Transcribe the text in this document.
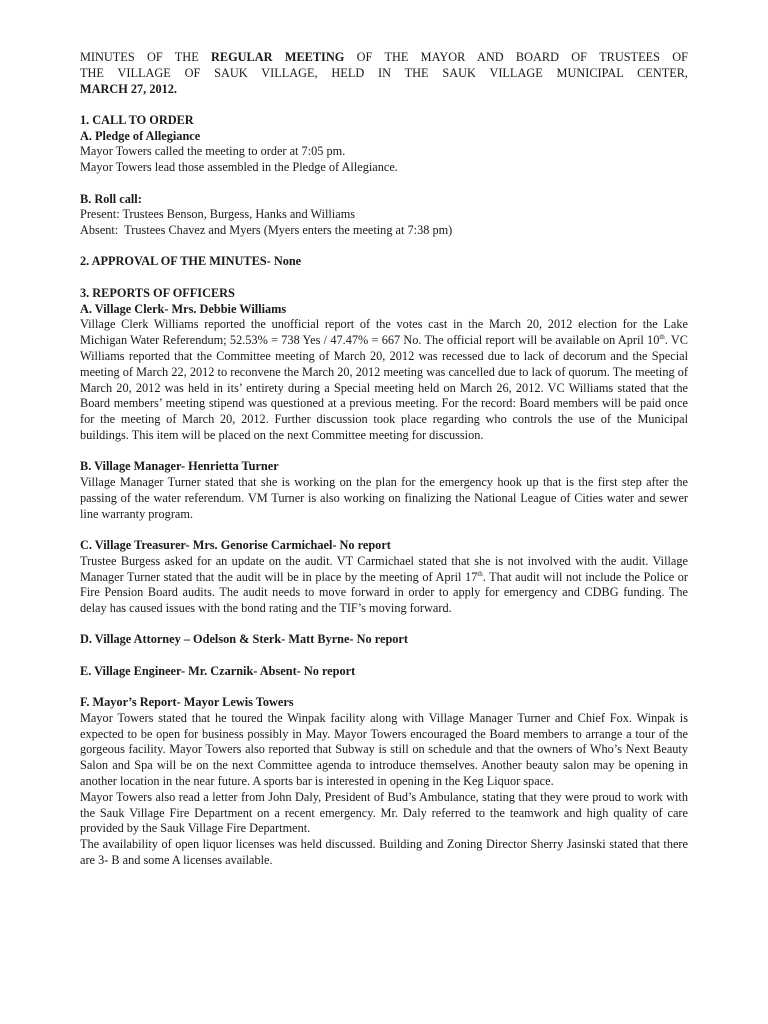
MINUTES OF THE REGULAR MEETING OF THE MAYOR AND BOARD OF TRUSTEES OF
THE VILLAGE OF SAUK VILLAGE, HELD IN THE SAUK VILLAGE MUNICIPAL CENTER,
MARCH 27, 2012.
1. CALL TO ORDER
A. Pledge of Allegiance

Mayor Towers called the meeting to order at 7:05 pm.

Mayor Towers lead those assembled in the Pledge of Allegiance.

B. Roll call:

Present: Trustees Benson, Burgess, Hanks and Williams

Absent:  Trustees Chavez and Myers (Myers enters the meeting at 7:38 pm)

2. APPROVAL OF THE MINUTES- None
3. REPORTS OF OFFICERS
A. Village Clerk- Mrs. Debbie Williams

Village Clerk Williams reported the unofficial report of the votes cast in the March 20, 2012 election for the Lake Michigan Water Referendum; 52.53% = 738 Yes / 47.47% = 667 No. The official report will be available on April 10th. VC Williams reported that the Committee meeting of March 20, 2012 was recessed due to lack of decorum and the Special meeting of March 22, 2012 to reconvene the March 20, 2012 meeting was cancelled due to lack of quorum. The meeting of March 20, 2012 was held in its’ entirety during a Special meeting held on March 26, 2012. VC Williams stated that the Board members’ meeting stipend was questioned at a previous meeting. For the record: Board members will be paid once for the meeting of March 20, 2012. Further discussion took place regarding who controls the use of the Municipal buildings. This item will be placed on the next Committee meeting for discussion.

B. Village Manager- Henrietta Turner

Village Manager Turner stated that she is working on the plan for the emergency hook up that is the first step after the passing of the water referendum. VM Turner is also working on finalizing the National League of Cities water and sewer line warranty program.

C. Village Treasurer- Mrs. Genorise Carmichael- No report

Trustee Burgess asked for an update on the audit. VT Carmichael stated that she is not involved with the audit. Village Manager Turner stated that the audit will be in place by the meeting of April 17th. That audit will not include the Police or Fire Pension Board audits. The audit needs to move forward in order to apply for emergency and CDBG funding. The delay has caused issues with the bond rating and the TIF’s moving forward.

D. Village Attorney – Odelson & Sterk- Matt Byrne- No report
E. Village Engineer- Mr. Czarnik- Absent- No report
F. Mayor’s Report- Mayor Lewis Towers

Mayor Towers stated that he toured the Winpak facility along with Village Manager Turner and Chief Fox. Winpak is expected to be open for business possibly in May. Mayor Towers encouraged the Board members to arrange a tour of the gorgeous facility. Mayor Towers also reported that Subway is still on schedule and that the owners of Who’s Next Beauty Salon and Spa will be on the next Committee agenda to introduce themselves. Another beauty salon may be opening in another location in the near future. A sports bar is interested in opening in the Keg Liquor space.

Mayor Towers also read a letter from John Daly, President of Bud’s Ambulance, stating that they were proud to work with the Sauk Village Fire Department on a recent emergency. Mr. Daly referred to the teamwork and high quality of care provided by the Sauk Village Fire Department.

The availability of open liquor licenses was held discussed. Building and Zoning Director Sherry Jasinski stated that there are 3- B and some A licenses available.
